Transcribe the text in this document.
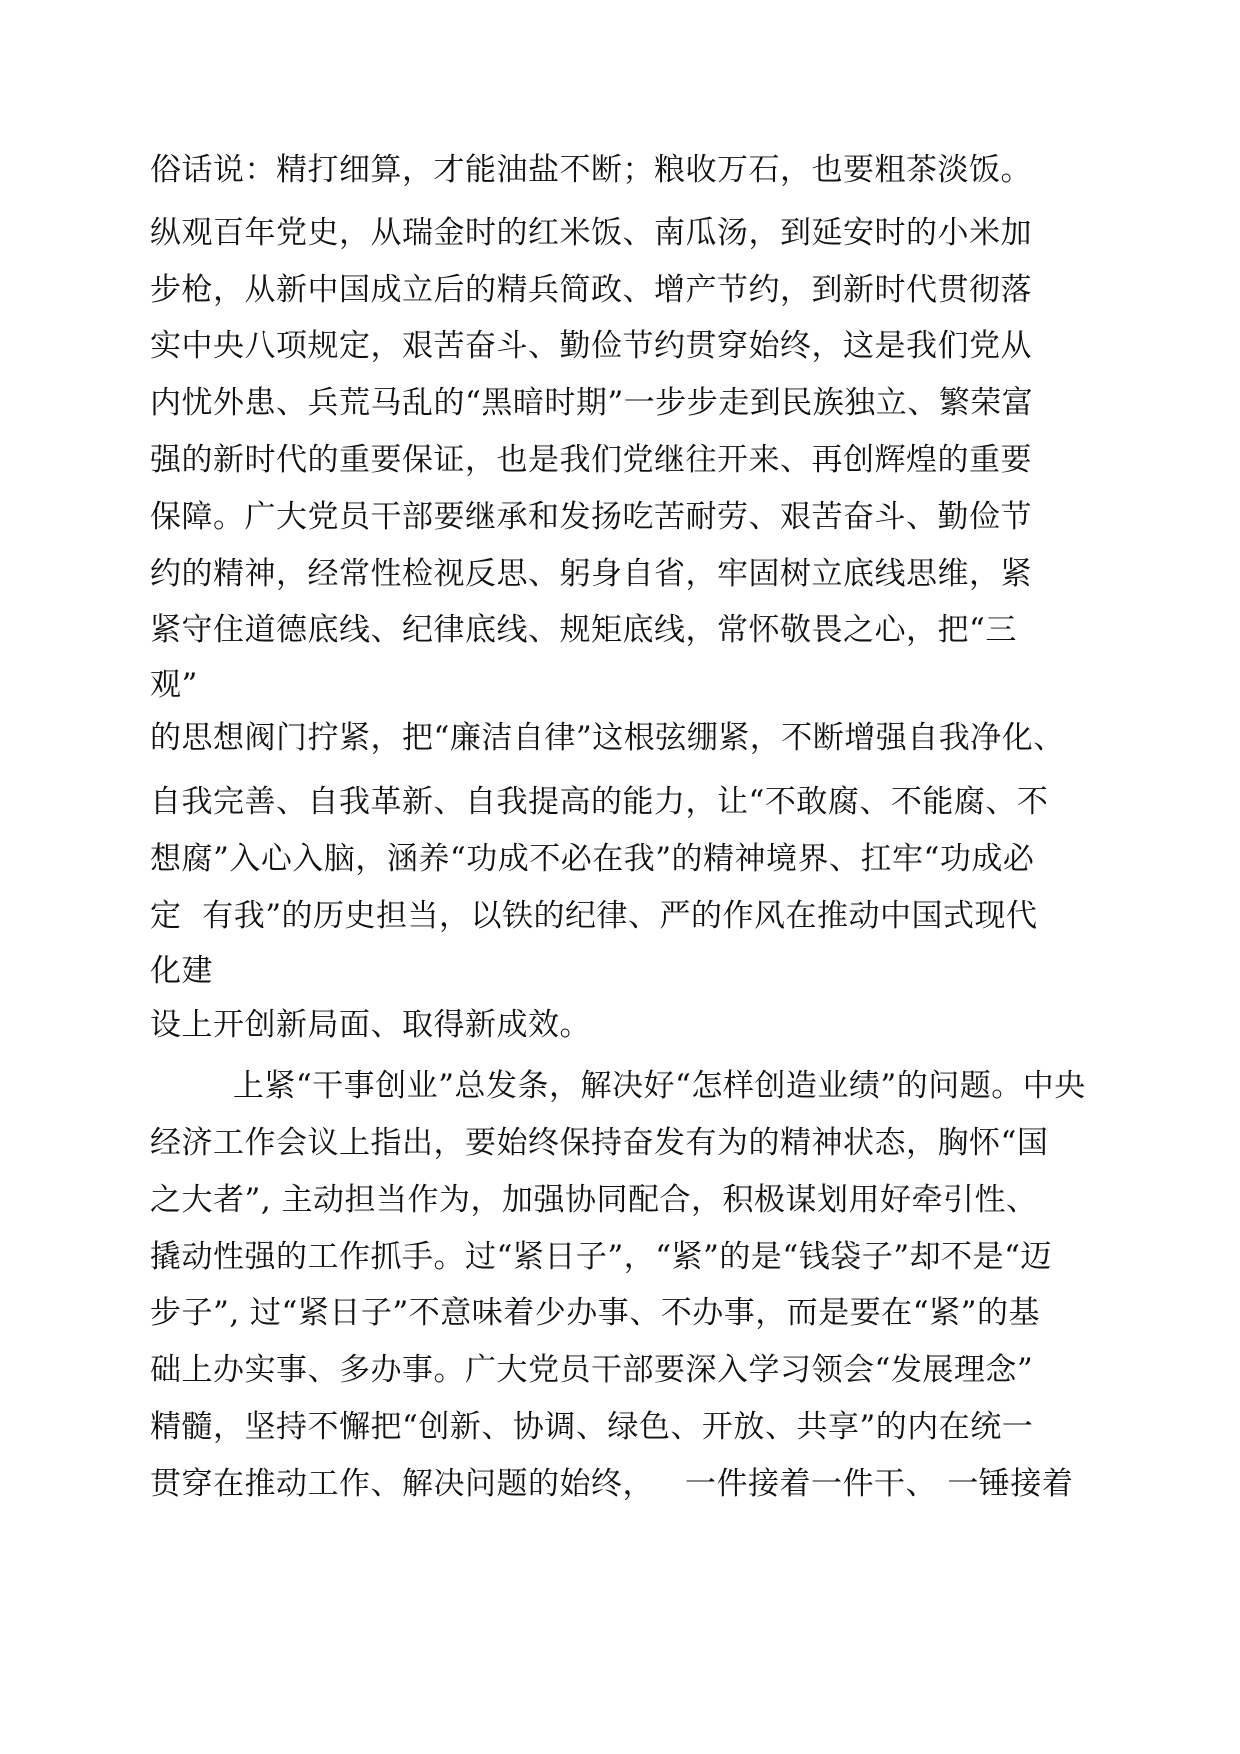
俗话说：精打细算，才能油盐不断；粮收万石，也要粗茶淡饭。
纵观百年党史，从瑞金时的红米饭、南瓜汤，到延安时的小米加
步枪，从新中国成立后的精兵简政、增产节约，到新时代贯彻落
实中央八项规定，艰苦奋斗、勤俭节约贯穿始终，这是我们党从
内忧外患、兵荒马乱的“黑暗时期”一步步走到民族独立、繁荣富
强的新时代的重要保证，也是我们党继往开来、再创辉煌的重要
保障。广大党员干部要继承和发扬吃苦耐劳、艰苦奋斗、勤俭节
约的精神，经常性检视反思、躬身自省，牢固树立底线思维，紧
紧守住道德底线、纪律底线、规矩底线，常怀敬畏之心，把“三
观”
的思想阀门拧紧，把“廉洁自律”这根弦绷紧，不断增强自我净化、
自我完善、自我革新、自我提高的能力，让“不敢腐、不能腐、不
想腐”入心入脑，涵养“功成不必在我”的精神境界、扛牢“功成必
定  有我”的历史担当，以铁的纪律、严的作风在推动中国式现代
化建
设上开创新局面、取得新成效。
上紧“干事创业”总发条，解决好“怎样创造业绩”的问题。中央
经济工作会议上指出，要始终保持奋发有为的精神状态，胸怀“国
之大者”, 主动担当作为，加强协同配合，积极谋划用好牵引性、
撬动性强的工作抓手。过“紧日子”，“紧”的是“钱袋子”却不是“迈
步子”, 过“紧日子”不意味着少办事、不办事，而是要在“紧”的基
础上办实事、多办事。广大党员干部要深入学习领会“发展理念”
精髓，坚持不懈把“创新、协调、绿色、开放、共享”的内在统一
贯穿在推动工作、解决问题的始终，   一件接着一件干、 一锤接着
